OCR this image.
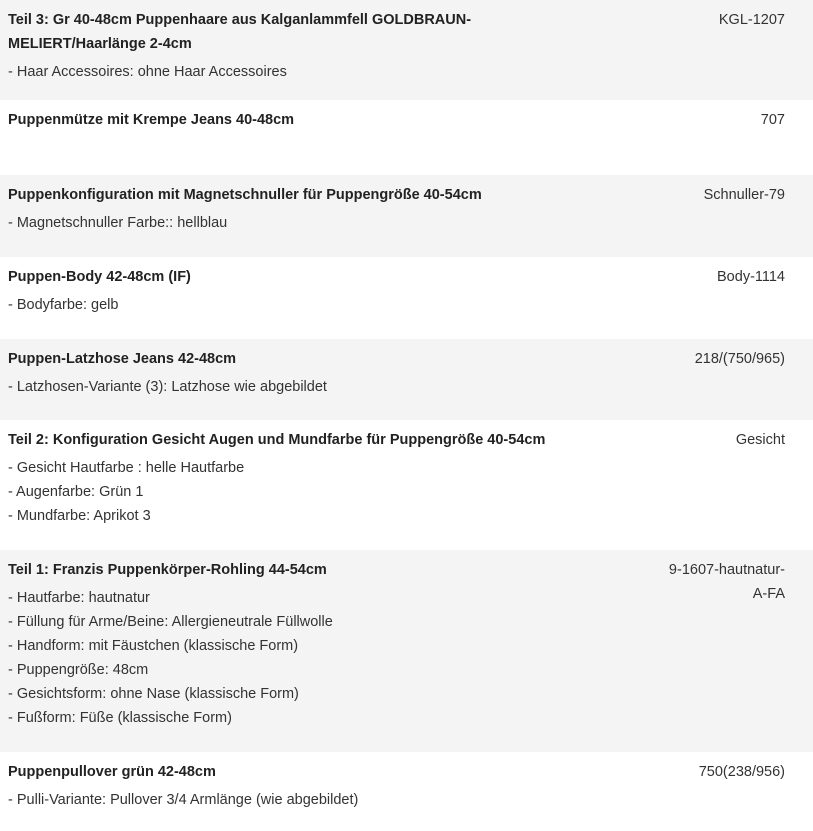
Teil 3: Gr 40-48cm Puppenhaare aus Kalganlammfell GOLDBRAUN-MELIERT/Haarlänge 2-4cm
- Haar Accessoires: ohne Haar Accessoires
KGL-1207
Puppenmütze mit Krempe Jeans 40-48cm	707
Puppenkonfiguration mit Magnetschnuller für Puppengröße 40-54cm
- Magnetschnuller Farbe:: hellblau
Schnuller-79
Puppen-Body 42-48cm (IF)
- Bodyfarbe: gelb
Body-1114
Puppen-Latzhose Jeans 42-48cm
- Latzhosen-Variante (3): Latzhose wie abgebildet
218/(750/965)
Teil 2: Konfiguration Gesicht Augen und Mundfarbe für Puppengröße 40-54cm
- Gesicht Hautfarbe : helle Hautfarbe
- Augenfarbe: Grün 1
- Mundfarbe: Aprikot 3
Gesicht
Teil 1: Franzis Puppenkörper-Rohling 44-54cm
- Hautfarbe: hautnatur
- Füllung für Arme/Beine: Allergieneutrale Füllwolle
- Handform: mit Fäustchen (klassische Form)
- Puppengröße: 48cm
- Gesichtsform: ohne Nase (klassische Form)
- Fußform: Füße (klassische Form)
9-1607-hautnatur-A-FA
Puppenpullover grün 42-48cm
- Pulli-Variante: Pullover 3/4 Armlänge (wie abgebildet)
750(238/956)
